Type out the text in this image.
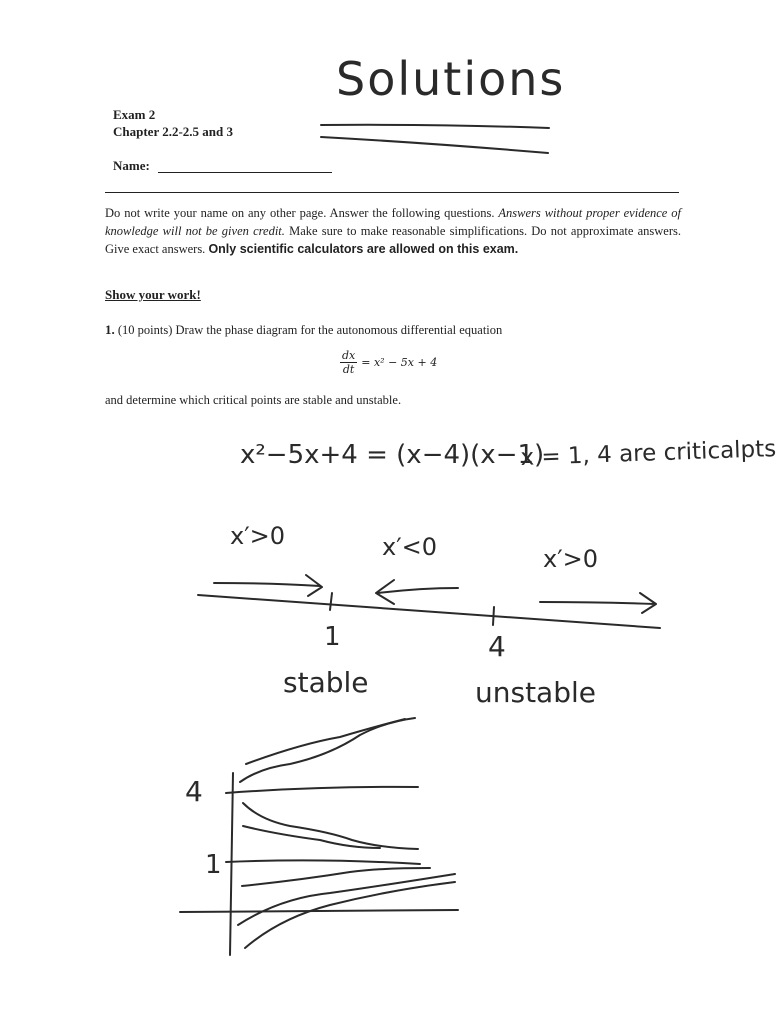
Solutions
Exam 2
Chapter 2.2-2.5 and 3
Name:
Do not write your name on any other page. Answer the following questions. Answers without proper evidence of knowledge will not be given credit. Make sure to make reasonable simplifications. Do not approximate answers. Give exact answers. Only scientific calculators are allowed on this exam.
Show your work!
1. (10 points) Draw the phase diagram for the autonomous differential equation
$\frac{dx}{dt} = x^2 - 5x + 4$
and determine which critical points are stable and unstable.
x²−5x+4 = (x−4)(x−1)
x = 1, 4 are criticalpts
x′>0	x′<0	x′>0
1	4
stable	unstable
4
1
